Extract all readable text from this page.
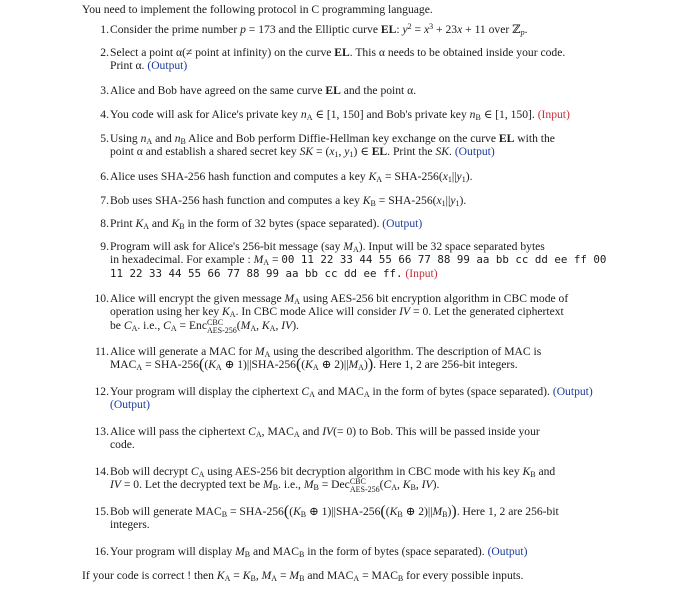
You need to implement the following protocol in C programming language.
1. Consider the prime number p = 173 and the Elliptic curve EL: $y^2 = x^3 + 23x + 11$ over ℤ$_p$.
2. Select a point α(≠ point at infinity) on the curve EL. This α needs to be obtained inside your code.
Print α. (Output)
3. Alice and Bob have agreed on the same curve EL and the point α.
4. You code will ask for Alice's private key $n_A$ ∈ [1, 150] and Bob's private key $n_B$ ∈ [1, 150]. (Input)
5. Using $n_A$ and $n_B$ Alice and Bob perform Diffie-Hellman key exchange on the curve EL with the
point α and establish a shared secret key SK = ($x_1$, $y_1$) ∈ EL. Print the SK. (Output)
6. Alice uses SHA-256 hash function and computes a key $K_A = SHA-256(x_1||y_1)$.
7. Bob uses SHA-256 hash function and computes a key $K_B = SHA-256(x_1||y_1)$.
8. Print $K_A$ and $K_B$ in the form of 32 bytes (space separated). (Output)
9. Program will ask for Alice's 256-bit message (say $M_A$). Input will be 32 space separated bytes
in hexadecimal. For example : $M_A = 00$ 11 22 33 44 55 66 77 88 99 aa bb cc dd ee ff 00
11 22 33 44 55 66 77 88 99 aa bb cc dd ee ff. (Input)
10. Alice will encrypt the given message $M_A$ using AES-256 bit encryption algorithm in CBC mode of
operation using her key $K_A$. In CBC mode Alice will consider IV = 0. Let the generated ciphertext
be $C_A$. i.e., $C_A$ = EncCBC
AES-$256(M_A$, $K_A$, IV).
11. Alice will generate a MAC for $M_A$ using the described algorithm. The description of MAC is
$MAC_A = SHA-256((K_A$ ⊕ $1)||SHA-256((K_A$ ⊕ $2)||M_A$)). Here 1, 2 are 256-bit integers.
12. Your program will display the ciphertext $C_A$ and $MAC_A$ in the form of bytes (space separated). (Output)
(Output)
13. Alice will pass the ciphertext $C_A$, $MAC_A$ and IV(= 0) to Bob. This will be passed inside your
code.
14. Bob will decrypt $C_A$ using AES-256 bit decryption algorithm in CBC mode with his key $K_B$ and
IV = 0. Let the decrypted text be $M_B$. i.e., $M_B$ = DecCBC
AES-$256(C_A$, $K_B$, IV).
15. Bob will generate $MAC_B = SHA-256((K_B$ ⊕ $1)||SHA-256((K_B$ ⊕ $2)||M_B$)). Here 1, 2 are 256-bit
integers.
16. Your program will display $M_B$ and $MAC_B$ in the form of bytes (space separated). (Output)
If your code is correct ! then $K_A = K_B$, $M_A = M_B$ and $MAC_A = MAC_B$ for every possible inputs.
